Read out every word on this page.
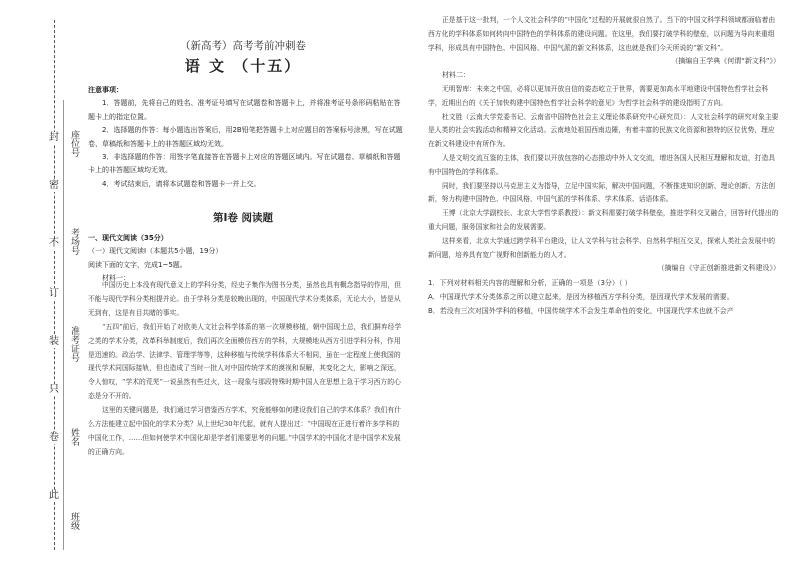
封
密
不
订
装
只
卷
此
座位号
考场号
准考证号
姓名
班级
（新高考）高考考前冲刺卷
语 文 （十五）
注意事项：

1．答题前，先将自己的姓名、准考证号填写在试题卷和答题卡上，并将准考证号条形码粘贴在答题卡上的指定位置。

2．选择题的作答：每小题选出答案后，用2B铅笔把答题卡上对应题目的答案标号涂黑，写在试题卷、草稿纸和答题卡上的非答题区域均无效。

3．非选择题的作答：用签字笔直接答在答题卡上对应的答题区域内。写在试题卷、草稿纸和答题卡上的非答题区域均无效。

4．考试结束后，请将本试题卷和答题卡一并上交。

第Ⅰ卷 阅读题
一、现代文阅读（35分）
（一）现代文阅读Ⅰ（本题共5小题，19分）
阅读下面的文字，完成1~5题。
材料一：

中国历史上本没有现代意义上的学科分类，经史子集作为图书分类，虽然也具有概念指导的作用，但不能与现代学科分类相提并论。由于学科分类是较晚出现的，中国现代学术分类体系，无论大小，皆是从无到有，这是有目共睹的事实。

“五四”前后，我们开始了对欧美人文社会科学体系的第一次规模移植，朝中国现土总，我们摒弃经学之类的学术分类，改革科举制度后，我们再次全面模仿西方的学科，大规模地从西方引进学科分科，作用是迅速的。政治学、法律学、管理学等等，这种移植与传统学科体系大不相同，虽在一定程度上使我国的现代学术同国际接轨，但也造成了当时一批人对中国传统学术的漠视和误解，其变化之大，影响之深远，令人惊叹，“学术的荒芜”一说虽然有些过火，这一现象与那段特殊时期中国人在思想上急于学习西方的心态是分不开的。

这里的关键问题是，我们通过学习借鉴西方学术，究竟能够如何建设我们自己的学术体系？我们有什么方法能建立起中国化的学术分类？从上世纪30年代起，就有人提出过：“中国现在正进行着许多学科的中国化工作，……但如何使学术中国化却是学者们需要思考的问题。”中国学术的中国化才是中国学术发展的正确方向。

正是基于这一批判，一个人文社会科学的“中国化”过程的开展就很自然了。当下的中国文科学科领域都面临着由西方化的学科体系如何转向中国特色的学科体系的建设问题。在这里，我们要打破学科的壁垒，以问题为导向来重组学科，形成具有中国特色、中国风格、中国气派的新文科体系，这也就是我们今天所说的“新文科”。

（摘编自王学典《何谓“新文科”》）
材料二：

无明智库：未来之中国，必将以更加开放自信的姿态屹立于世界，需要更加高水平地建设中国特色哲学社会科学，近期出台的《关于加快构建中国特色哲学社会科学的意见》为哲学社会科学的建设指明了方向。

杜文胜（云南大学党委书记、云南省中国特色社会主义理论体系研究中心研究员）：人文社会科学的研究对象主要是人类的社会实践活动和精神文化活动。云南地处祖国西南边陲，有着丰富的民族文化资源和独特的区位优势，理应在新文科建设中有所作为。

人是文明交流互鉴的主体，我们要以开放包容的心态推动中外人文交流，增进各国人民相互理解和友谊，打造具有中国特色的学科体系。

同时，我们要坚持以马克思主义为指导，立足中国实际，解决中国问题，不断推进知识创新、理论创新、方法创新，努力构建中国特色、中国风格、中国气派的学科体系、学术体系、话语体系。

王博（北京大学副校长、北京大学哲学系教授）：新文科需要打破学科壁垒，推进学科交叉融合，回答时代提出的重大问题，服务国家和社会的发展需要。

这样来看，北京大学通过跨学科平台建设，让人文学科与社会科学、自然科学相互交叉，探索人类社会发展中的新问题，培养具有宽广视野和创新能力的人才。

（摘编自《守正创新推进新文科建设》）
1．下列对材料相关内容的理解和分析，正确的一项是（3分）（ ）
A．中国现代学术分类体系之所以建立起来，是因为移植西方学科分类，是因现代学术发展的需要。
B．若没有三次对国外学科的移植，中国传统学术不会发生革命性的变化，中国现代学术也就不会产
